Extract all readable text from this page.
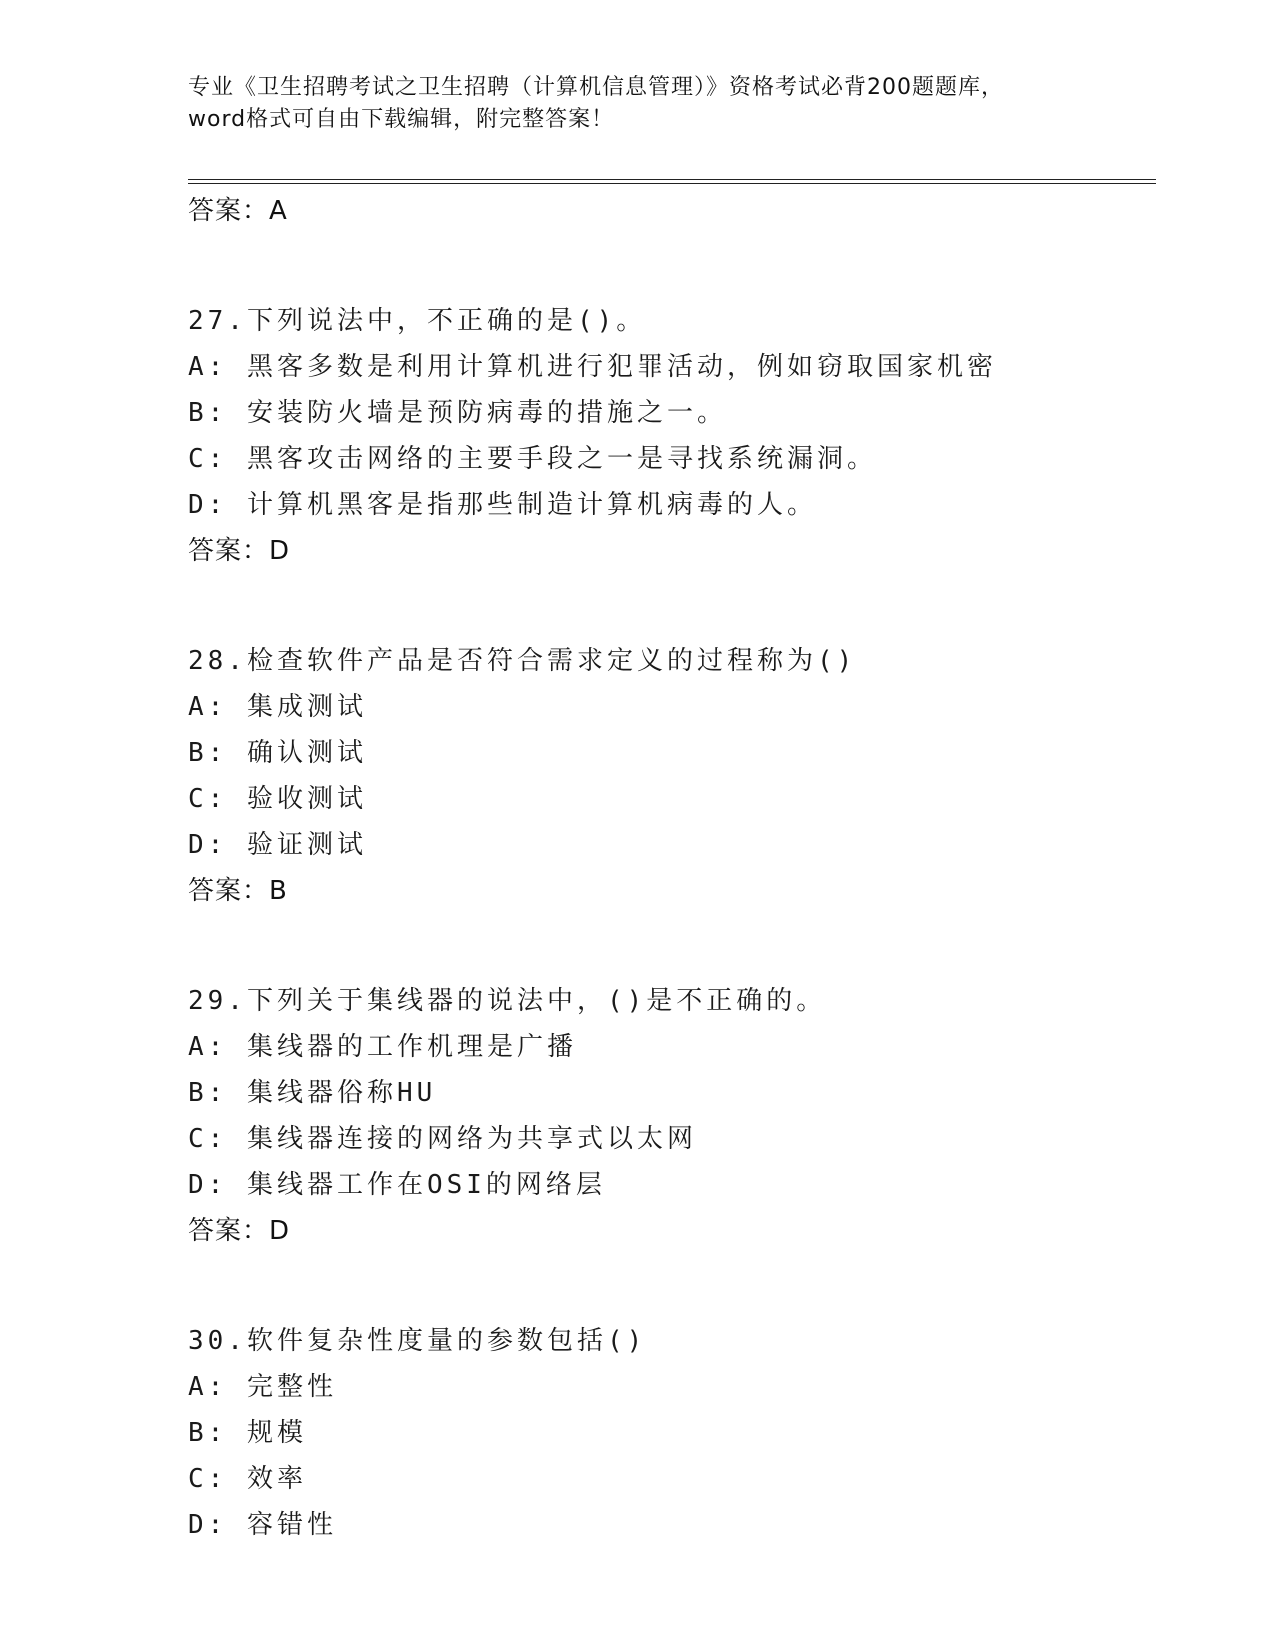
专业《卫生招聘考试之卫生招聘（计算机信息管理）》资格考试必背200题题库，
word格式可自由下载编辑，附完整答案！
答案：A
27.下列说法中，不正确的是()。
A: 黑客多数是利用计算机进行犯罪活动，例如窃取国家机密
B: 安装防火墙是预防病毒的措施之一。
C: 黑客攻击网络的主要手段之一是寻找系统漏洞。
D: 计算机黑客是指那些制造计算机病毒的人。
答案：D
28.检查软件产品是否符合需求定义的过程称为()
A: 集成测试
B: 确认测试
C: 验收测试
D: 验证测试
答案：B
29.下列关于集线器的说法中，()是不正确的。
A: 集线器的工作机理是广播
B: 集线器俗称HU
C: 集线器连接的网络为共享式以太网
D: 集线器工作在OSI的网络层
答案：D
30.软件复杂性度量的参数包括()
A: 完整性
B: 规模
C: 效率
D: 容错性
